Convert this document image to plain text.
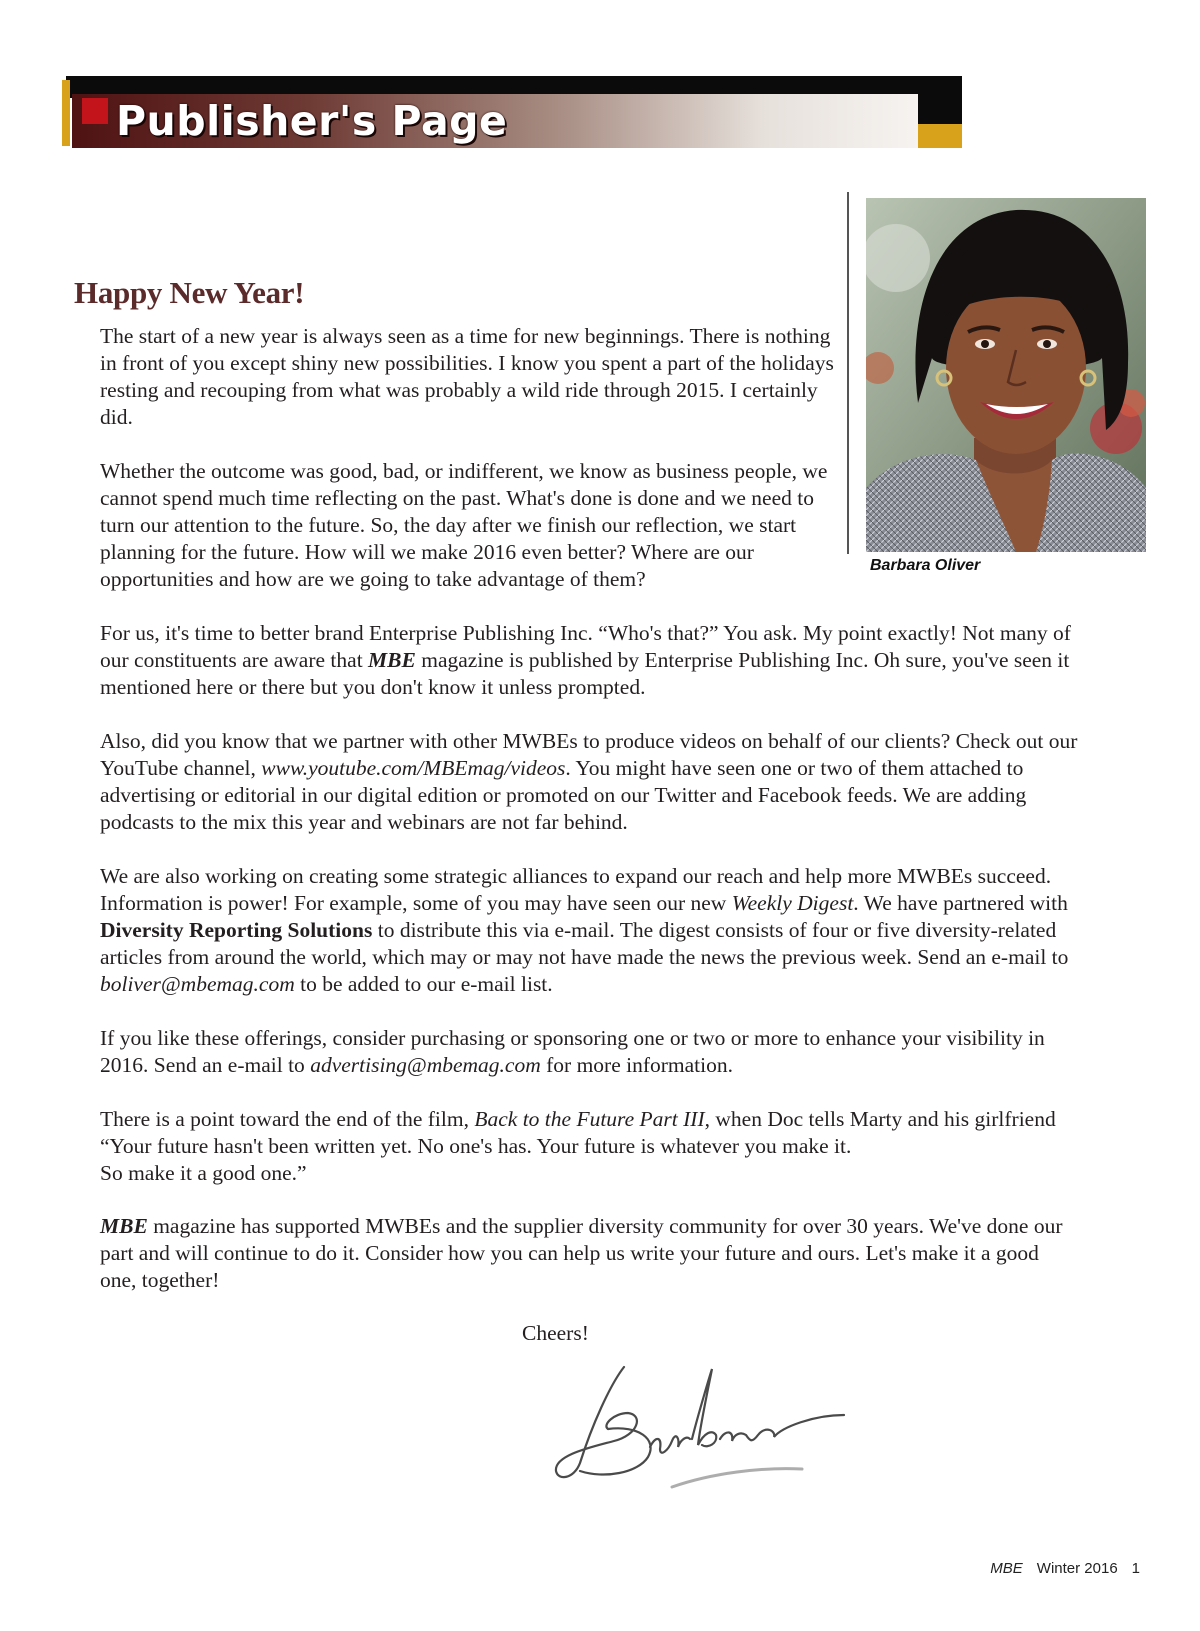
Publisher's Page

Barbara Oliver

Happy New Year!

The start of a new year is always seen as a time for new beginnings. There is nothing in front of you except shiny new possibilities. I know you spent a part of the holidays resting and recouping from what was probably a wild ride through 2015. I certainly did.

Whether the outcome was good, bad, or indifferent, we know as business people, we cannot spend much time reflecting on the past. What's done is done and we need to turn our attention to the future. So, the day after we finish our reflection, we start planning for the future. How will we make 2016 even better? Where are our opportunities and how are we going to take advantage of them?

For us, it's time to better brand Enterprise Publishing Inc. “Who's that?” You ask. My point exactly! Not many of our constituents are aware that MBE magazine is published by Enterprise Publishing Inc. Oh sure, you've seen it mentioned here or there but you don't know it unless prompted.

Also, did you know that we partner with other MWBEs to produce videos on behalf of our clients? Check out our YouTube channel, www.youtube.com/MBEmag/videos. You might have seen one or two of them attached to advertising or editorial in our digital edition or promoted on our Twitter and Facebook feeds. We are adding podcasts to the mix this year and webinars are not far behind.

We are also working on creating some strategic alliances to expand our reach and help more MWBEs succeed. Information is power! For example, some of you may have seen our new Weekly Digest. We have partnered with Diversity Reporting Solutions to distribute this via e-mail. The digest consists of four or five diversity-related articles from around the world, which may or may not have made the news the previous week. Send an e-mail to boliver@mbemag.com to be added to our e-mail list.

If you like these offerings, consider purchasing or sponsoring one or two or more to enhance your visibility in 2016. Send an e-mail to advertising@mbemag.com for more information.

There is a point toward the end of the film, Back to the Future Part III, when Doc tells Marty and his girlfriend “Your future hasn't been written yet. No one's has. Your future is whatever you make it.
So make it a good one.”

MBE magazine has supported MWBEs and the supplier diversity community for over 30 years. We've done our part and will continue to do it. Consider how you can help us write your future and ours. Let's make it a good one, together!

Cheers!

MBE Winter 2016 1
